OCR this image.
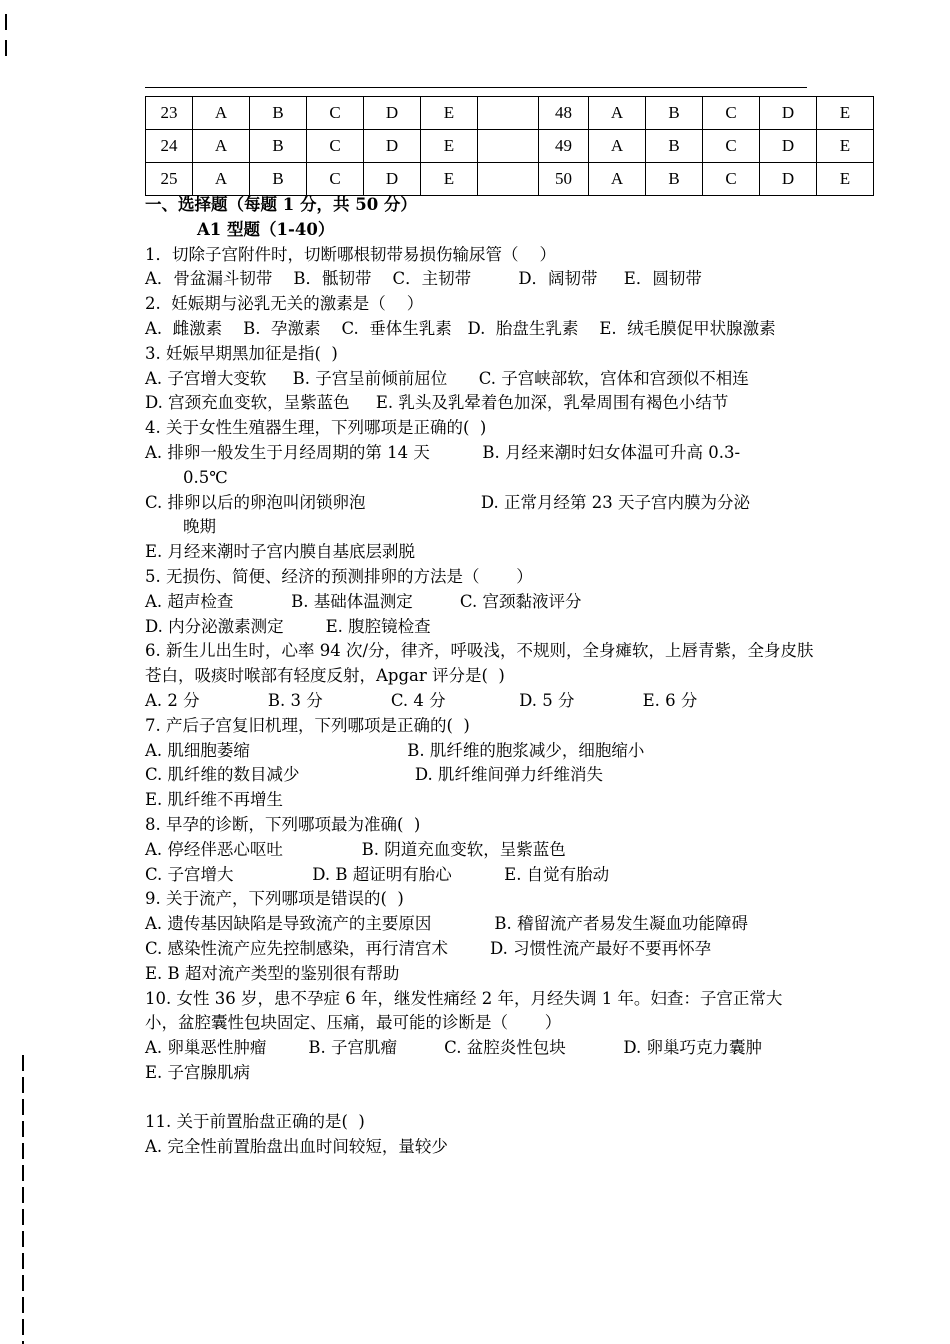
23	A	B	C	D	E		48	A	B	C	D	E
24	A	B	C	D	E		49	A	B	C	D	E
25	A	B	C	D	E		50	A	B	C	D	E
一、选择题（每题 1 分，共 50 分）
A1 型题（1-40）
1．切除子宫附件时，切断哪根韧带易损伤输尿管（    ）
A．骨盆漏斗韧带    B．骶韧带    C．主韧带         D．阔韧带     E．圆韧带
2.  妊娠期与泌乳无关的激素是（    ）
A.  雌激素    B.  孕激素    C.  垂体生乳素   D.  胎盘生乳素    E.  绒毛膜促甲状腺激素
3. 妊娠早期黑加征是指(  )
A. 子宫增大变软     B. 子宫呈前倾前屈位      C. 子宫峡部软，宫体和宫颈似不相连
D. 宫颈充血变软，呈紫蓝色     E. 乳头及乳晕着色加深，乳晕周围有褐色小结节
4. 关于女性生殖器生理，下列哪项是正确的(  )
A. 排卵一般发生于月经周期的第 14 天          B. 月经来潮时妇女体温可升高 0.3-
0.5℃
C. 排卵以后的卵泡叫闭锁卵泡                      D. 正常月经第 23 天子宫内膜为分泌
晚期
E. 月经来潮时子宫内膜自基底层剥脱
5. 无损伤、简便、经济的预测排卵的方法是（       ）
A. 超声检查           B. 基础体温测定         C. 宫颈黏液评分
D. 内分泌激素测定        E. 腹腔镜检查
6. 新生儿出生时，心率 94 次/分，律齐，呼吸浅，不规则，全身瘫软，上唇青紫，全身皮肤苍白，吸痰时喉部有轻度反射，Apgar 评分是(  )
A. 2 分             B. 3 分             C. 4 分              D. 5 分             E. 6 分
7. 产后子宫复旧机理，下列哪项是正确的(  )
A. 肌细胞萎缩                              B. 肌纤维的胞浆减少，细胞缩小
C. 肌纤维的数目减少                      D. 肌纤维间弹力纤维消失
E. 肌纤维不再增生
8. 早孕的诊断，下列哪项最为准确(  )
A. 停经伴恶心呕吐               B. 阴道充血变软，呈紫蓝色
C. 子宫增大               D. B 超证明有胎心          E. 自觉有胎动
9. 关于流产，下列哪项是错误的(  )
A. 遗传基因缺陷是导致流产的主要原因            B. 稽留流产者易发生凝血功能障碍
C. 感染性流产应先控制感染，再行清宫术        D. 习惯性流产最好不要再怀孕
E. B 超对流产类型的鉴别很有帮助
10. 女性 36 岁，患不孕症 6 年，继发性痛经 2 年，月经失调 1 年。妇查：子宫正常大小，盆腔囊性包块固定、压痛，最可能的诊断是（       ）
A. 卵巢恶性肿瘤        B. 子宫肌瘤         C. 盆腔炎性包块           D. 卵巢巧克力囊肿
E. 子宫腺肌病
11. 关于前置胎盘正确的是(  )
A. 完全性前置胎盘出血时间较短，量较少
